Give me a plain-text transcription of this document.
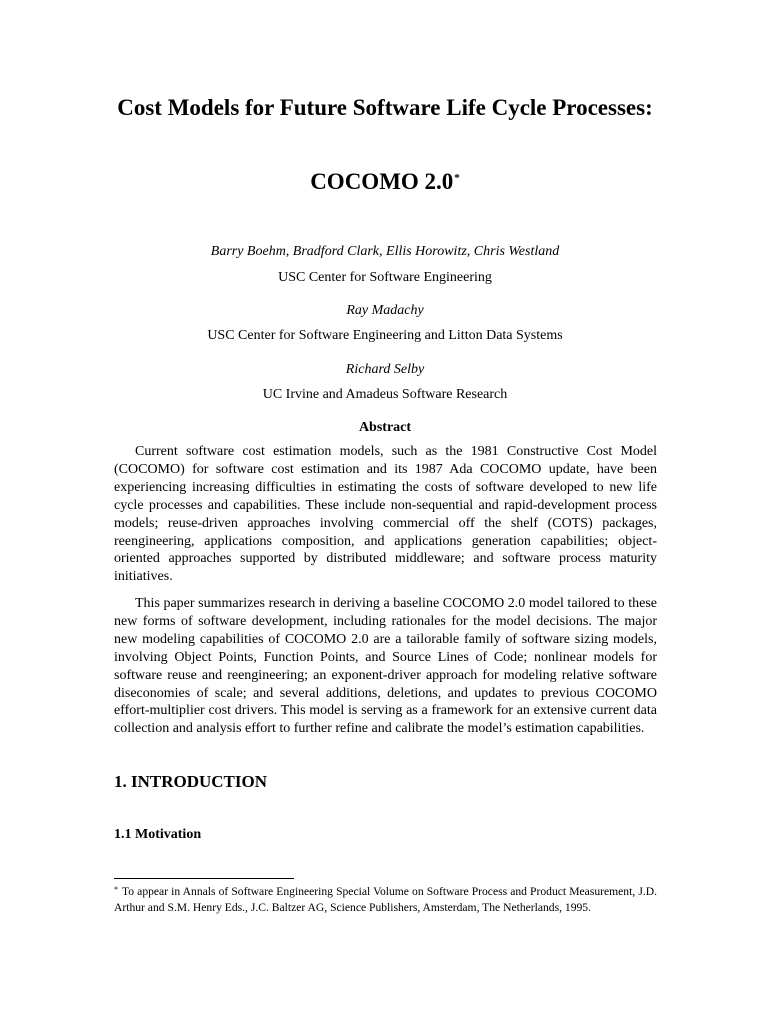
Cost Models for Future Software Life Cycle Processes:
COCOMO 2.0*
Barry Boehm, Bradford Clark, Ellis Horowitz, Chris Westland
USC Center for Software Engineering
Ray Madachy
USC Center for Software Engineering and Litton Data Systems
Richard Selby
UC Irvine and Amadeus Software Research
Abstract

Current software cost estimation models, such as the 1981 Constructive Cost Model (COCOMO) for software cost estimation and its 1987 Ada COCOMO update, have been experiencing increasing difficulties in estimating the costs of software developed to new life cycle processes and capabilities. These include non-sequential and rapid-development process models; reuse-driven approaches involving commercial off the shelf (COTS) packages, reengineering, applications composition, and applications generation capabilities; object-oriented approaches supported by distributed middleware; and software process maturity initiatives.

This paper summarizes research in deriving a baseline COCOMO 2.0 model tailored to these new forms of software development, including rationales for the model decisions. The major new modeling capabilities of COCOMO 2.0 are a tailorable family of software sizing models, involving Object Points, Function Points, and Source Lines of Code; nonlinear models for software reuse and reengineering; an exponent-driver approach for modeling relative software diseconomies of scale; and several additions, deletions, and updates to previous COCOMO effort-multiplier cost drivers. This model is serving as a framework for an extensive current data collection and analysis effort to further refine and calibrate the model’s estimation capabilities.

1. INTRODUCTION
1.1 Motivation

* To appear in Annals of Software Engineering Special Volume on Software Process and Product Measurement, J.D. Arthur and S.M. Henry Eds., J.C. Baltzer AG, Science Publishers, Amsterdam, The Netherlands, 1995.
